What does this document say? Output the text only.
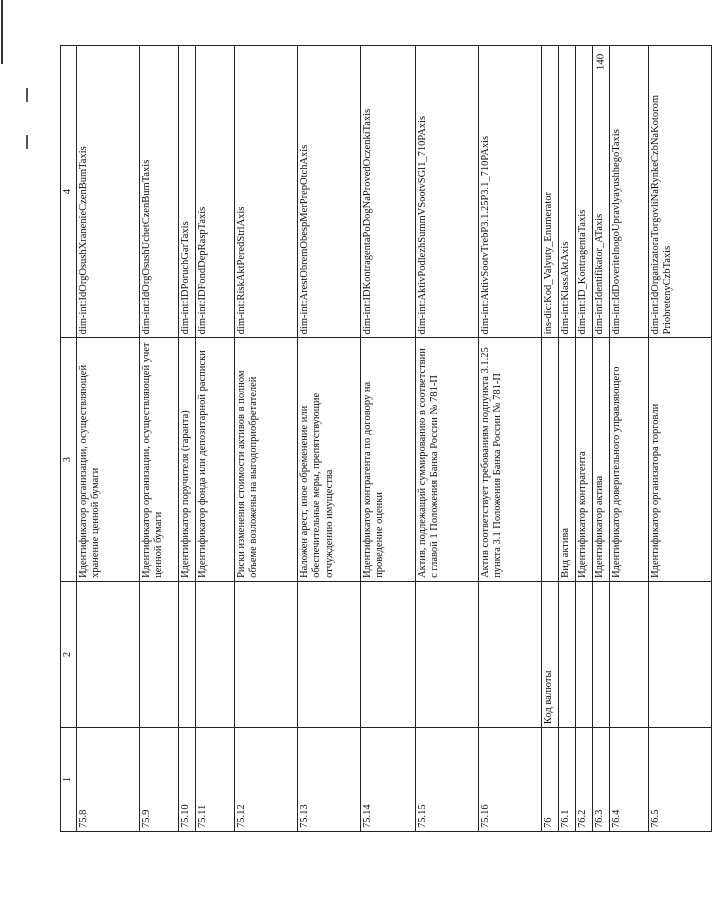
140
1	2	3	4
75.8		Идентификатор организации, осуществляющей хранение ценной бумаги	dim-int:IdOrgOsushXranenieCzenBumTaxis
75.9		Идентификатор организации, осуществляющей учет ценной бумаги	dim-int:IdOrgOsushUchetCzenBumTaxis
75.10		Идентификатор поручителя (гаранта)	dim-int:IDPoruchGarTaxis
75.11		Идентификатор фонда или депозитарной расписки	dim-int:IDFondDepRaspTaxis
75.12		Риски изменения стоимости активов в полном объеме возложены на выгодоприобретателей	dim-int:RiskAktPeredStrlAxis
75.13		Наложен арест, иное обременение или обеспечительные меры, препятствующие отчуждению имущества	dim-int:ArestObremObespMerPrepOtchAxis
75.14		Идентификатор контрагента по договору на проведение оценки	dim-int:IDKontragentaPoDogNaProvedOczenkiTaxis
75.15		Актив, подлежащий суммированию в соответствии с главой 1 Положения Банка России № 781-П	dim-int:AktivPodlezhSummVSootvSGl1_710PAxis
75.16		Актив соответствует требованиям подпункта 3.1.25 пункта 3.1 Положения Банка России № 781-П	dim-int:AktivSootvTrebP3.1.25P3.1_710PAxis
76	Код валюты		ins-dic:Kod_Valyuty_Enumerator
76.1		Вид актива	dim-int:KlassAktAxis
76.2		Идентификатор контрагента	dim-int:ID_KontragentaTaxis
76.3		Идентификатор актива	dim-int:Identifikator_ATaxis
76.4		Идентификатор доверительного управляющего	dim-int:IdDoveritelnogoUpravlyayushhegoTaxis
76.5		Идентификатор организатора торговли	dim-int:IdOrganizatoraTorgovliNaRynkeCzbNaKotorom PriobretenyCzbTaxis
